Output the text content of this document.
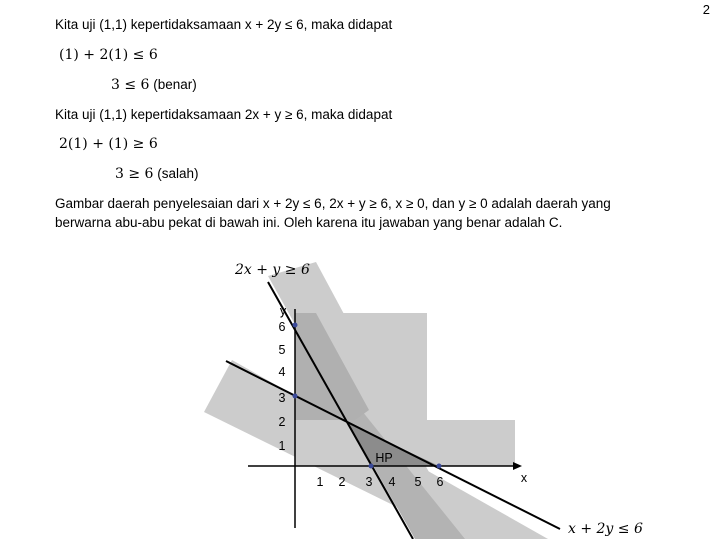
2
Kita uji (1,1) kepertidaksamaan x + 2y ≤ 6, maka didapat
(1) + 2(1) ≤ 6
3 ≤ 6 (benar)
Kita uji (1,1) kepertidaksamaan 2x + y ≥ 6, maka didapat
2(1) + (1) ≥ 6
3 ≥ 6 (salah)
Gambar daerah penyelesaian dari x + 2y ≤ 6, 2x + y ≥ 6, x ≥ 0, dan y ≥ 0 adalah daerah yang
berwarna abu-abu pekat di bawah ini. Oleh karena itu jawaban yang benar adalah C.
1 2 3 4 5 6
1
2
3
4
5
6
x
y
HP
2x + y ≥ 6
x + 2y ≤ 6
